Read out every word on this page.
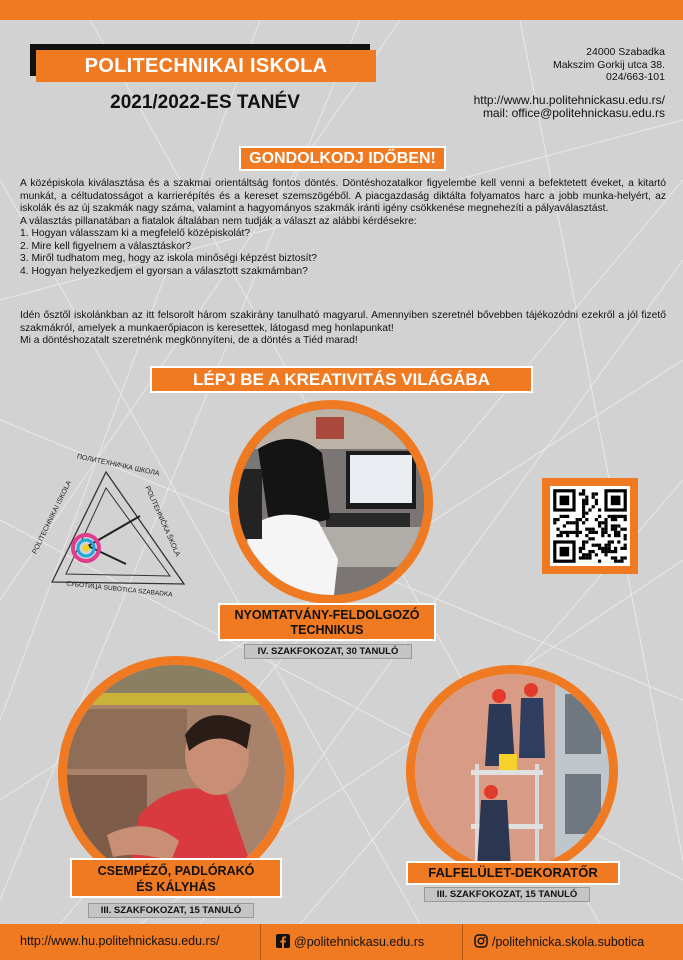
POLITECHNIKAI ISKOLA
2021/2022-ES TANÉV
24000 Szabadka
Makszim Gorkij utca 38.
024/663-101
http://www.hu.politehnickasu.edu.rs/
mail: office@politehnickasu.edu.rs
GONDOLKODJ IDŐBEN!

A középiskola kiválasztása és a szakmai orientáltság fontos döntés. Döntéshozatalkor figyelembe kell venni a befektetett éveket, a kitartó munkát, a céltudatosságot a karrierépítés és a kereset szemszögéből. A piacgazdaság diktálta folyamatos harc a jobb munka-helyért, az iskolák és az új szakmák nagy száma, valamint a hagyományos szakmák iránti igény csökkenése megnehezíti a pályaválasztást.

A választás pillanatában a fiatalok általában nem tudják a választ az alábbi kérdésekre:

1. Hogyan válasszam ki a megfelelő középiskolát?

2. Mire kell figyelnem a választáskor?

3. Miről tudhatom meg, hogy az iskola minőségi képzést biztosít?

4. Hogyan helyezkedjem el gyorsan a választott szakmámban?

Idén ősztől iskolánkban az itt felsorolt három szakirány tanulható magyarul. Amennyiben szeretnél bővebben tájékozódni ezekről a jól fizető szakmákról, amelyek a munkaerőpiacon is keresettek, látogasd meg honlapunkat!

Mi a döntéshozatalt szeretnénk megkönnyíteni, de a döntés a Tiéd marad!

LÉPJ BE A KREATIVITÁS VILÁGÁBA
ПОЛИТЕХНИЧКА ШКОЛА
POLITECHNIKAI ISKOLA	POLITEHNIČKA ŠKOLA
СУБОТИЦА SUBOTICA SZABADKA
NYOMTATVÁNY-FELDOLGOZÓ
TECHNIKUS
IV. SZAKFOKOZAT, 30 TANULÓ
CSEMPÉZŐ, PADLÓRAKÓ
ÉS KÁLYHÁS
III. SZAKFOKOZAT, 15 TANULÓ
FALFELÜLET-DEKORATŐR
III. SZAKFOKOZAT, 15 TANULÓ
http://www.hu.politehnickasu.edu.rs/	@politehnickasu.edu.rs	/politehnicka.skola.subotica
